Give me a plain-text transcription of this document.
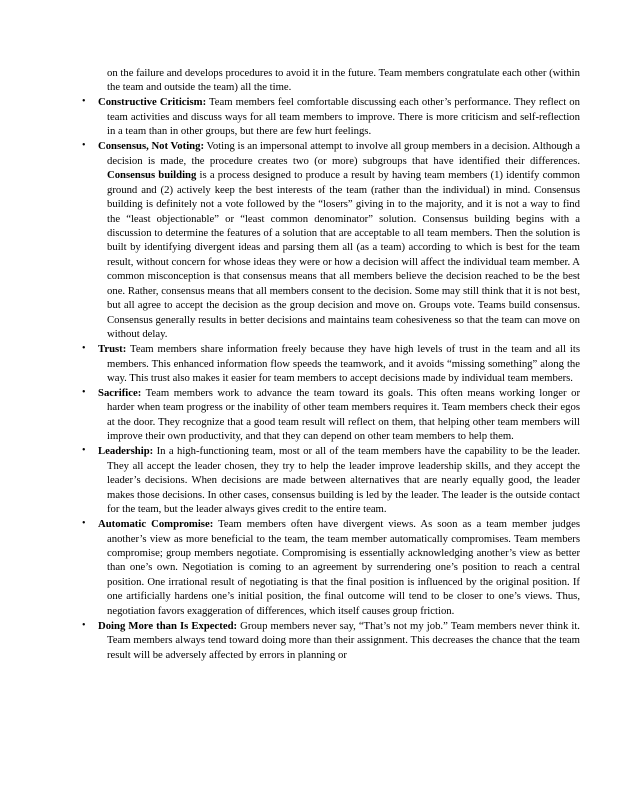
on the failure and develops procedures to avoid it in the future. Team members congratulate each other (within the team and outside the team) all the time.

• Constructive Criticism: Team members feel comfortable discussing each other’s performance. They reflect on team activities and discuss ways for all team members to improve. There is more criticism and self-reflection in a team than in other groups, but there are few hurt feelings.
• Consensus, Not Voting: Voting is an impersonal attempt to involve all group members in a decision. Although a decision is made, the procedure creates two (or more) subgroups that have identified their differences. Consensus building is a process designed to produce a result by having team members (1) identify common ground and (2) actively keep the best interests of the team (rather than the individual) in mind. Consensus building is definitely not a vote followed by the “losers” giving in to the majority, and it is not a way to find the “least objectionable” or “least common denominator” solution. Consensus building begins with a discussion to determine the features of a solution that are acceptable to all team members. Then the solution is built by identifying divergent ideas and parsing them all (as a team) according to which is best for the team result, without concern for whose ideas they were or how a decision will affect the individual team member. A common misconception is that consensus means that all members believe the decision reached to be the best one. Rather, consensus means that all members consent to the decision. Some may still think that it is not best, but all agree to accept the decision as the group decision and move on. Groups vote. Teams build consensus. Consensus generally results in better decisions and maintains team cohesiveness so that the team can move on without delay.
• Trust: Team members share information freely because they have high levels of trust in the team and all its members. This enhanced information flow speeds the teamwork, and it avoids “missing something” along the way. This trust also makes it easier for team members to accept decisions made by individual team members.
• Sacrifice: Team members work to advance the team toward its goals. This often means working longer or harder when team progress or the inability of other team members requires it. Team members check their egos at the door. They recognize that a good team result will reflect on them, that helping other team members will improve their own productivity, and that they can depend on other team members to help them.
• Leadership: In a high-functioning team, most or all of the team members have the capability to be the leader. They all accept the leader chosen, they try to help the leader improve leadership skills, and they accept the leader’s decisions. When decisions are made between alternatives that are nearly equally good, the leader makes those decisions. In other cases, consensus building is led by the leader. The leader is the outside contact for the team, but the leader always gives credit to the entire team.
• Automatic Compromise: Team members often have divergent views. As soon as a team member judges another’s view as more beneficial to the team, the team member automatically compromises. Team members compromise; group members negotiate. Compromising is essentially acknowledging another’s view as better than one’s own. Negotiation is coming to an agreement by surrendering one’s position to reach a central position. One irrational result of negotiating is that the final position is influenced by the original position. If one artificially hardens one’s initial position, the final outcome will tend to be closer to one’s views. Thus, negotiation favors exaggeration of differences, which itself causes group friction.
• Doing More than Is Expected: Group members never say, “That’s not my job.” Team members never think it. Team members always tend toward doing more than their assignment. This decreases the chance that the team result will be adversely affected by errors in planning or
